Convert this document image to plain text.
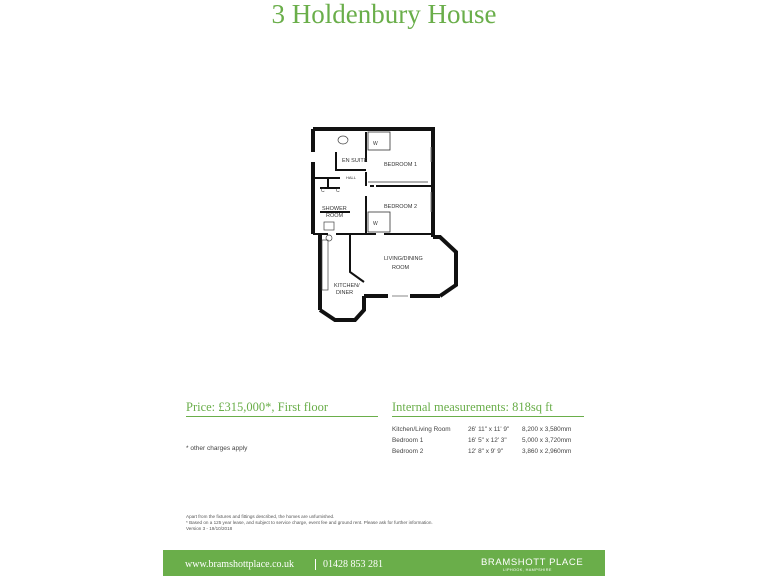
3 Holdenbury House
EN SUITE
BEDROOM 1
HALL
SHOWER
ROOM
BEDROOM 2
LIVING/DINING
ROOM
KITCHEN/
DINER
W
W
C C
Price: £315,000*, First floor	Internal measurements: 818sq ft
* other charges apply
Kitchen/Living Room	26' 11" x 11' 9"	8,200 x 3,580mm
Bedroom 1	16' 5" x 12' 3"	5,000 x 3,720mm
Bedroom 2	12' 8" x 9' 9"	3,860 x 2,960mm
Apart from the fixtures and fittings described, the homes are unfurnished.
* Based on a 125 year lease, and subject to service charge, event fee and ground rent. Please ask for further information.
Version 3 - 19/10/2018
www.bramshottplace.co.uk	01428 853 281	BRAMSHOTT PLACE
LIPHOOK, HAMPSHIRE
